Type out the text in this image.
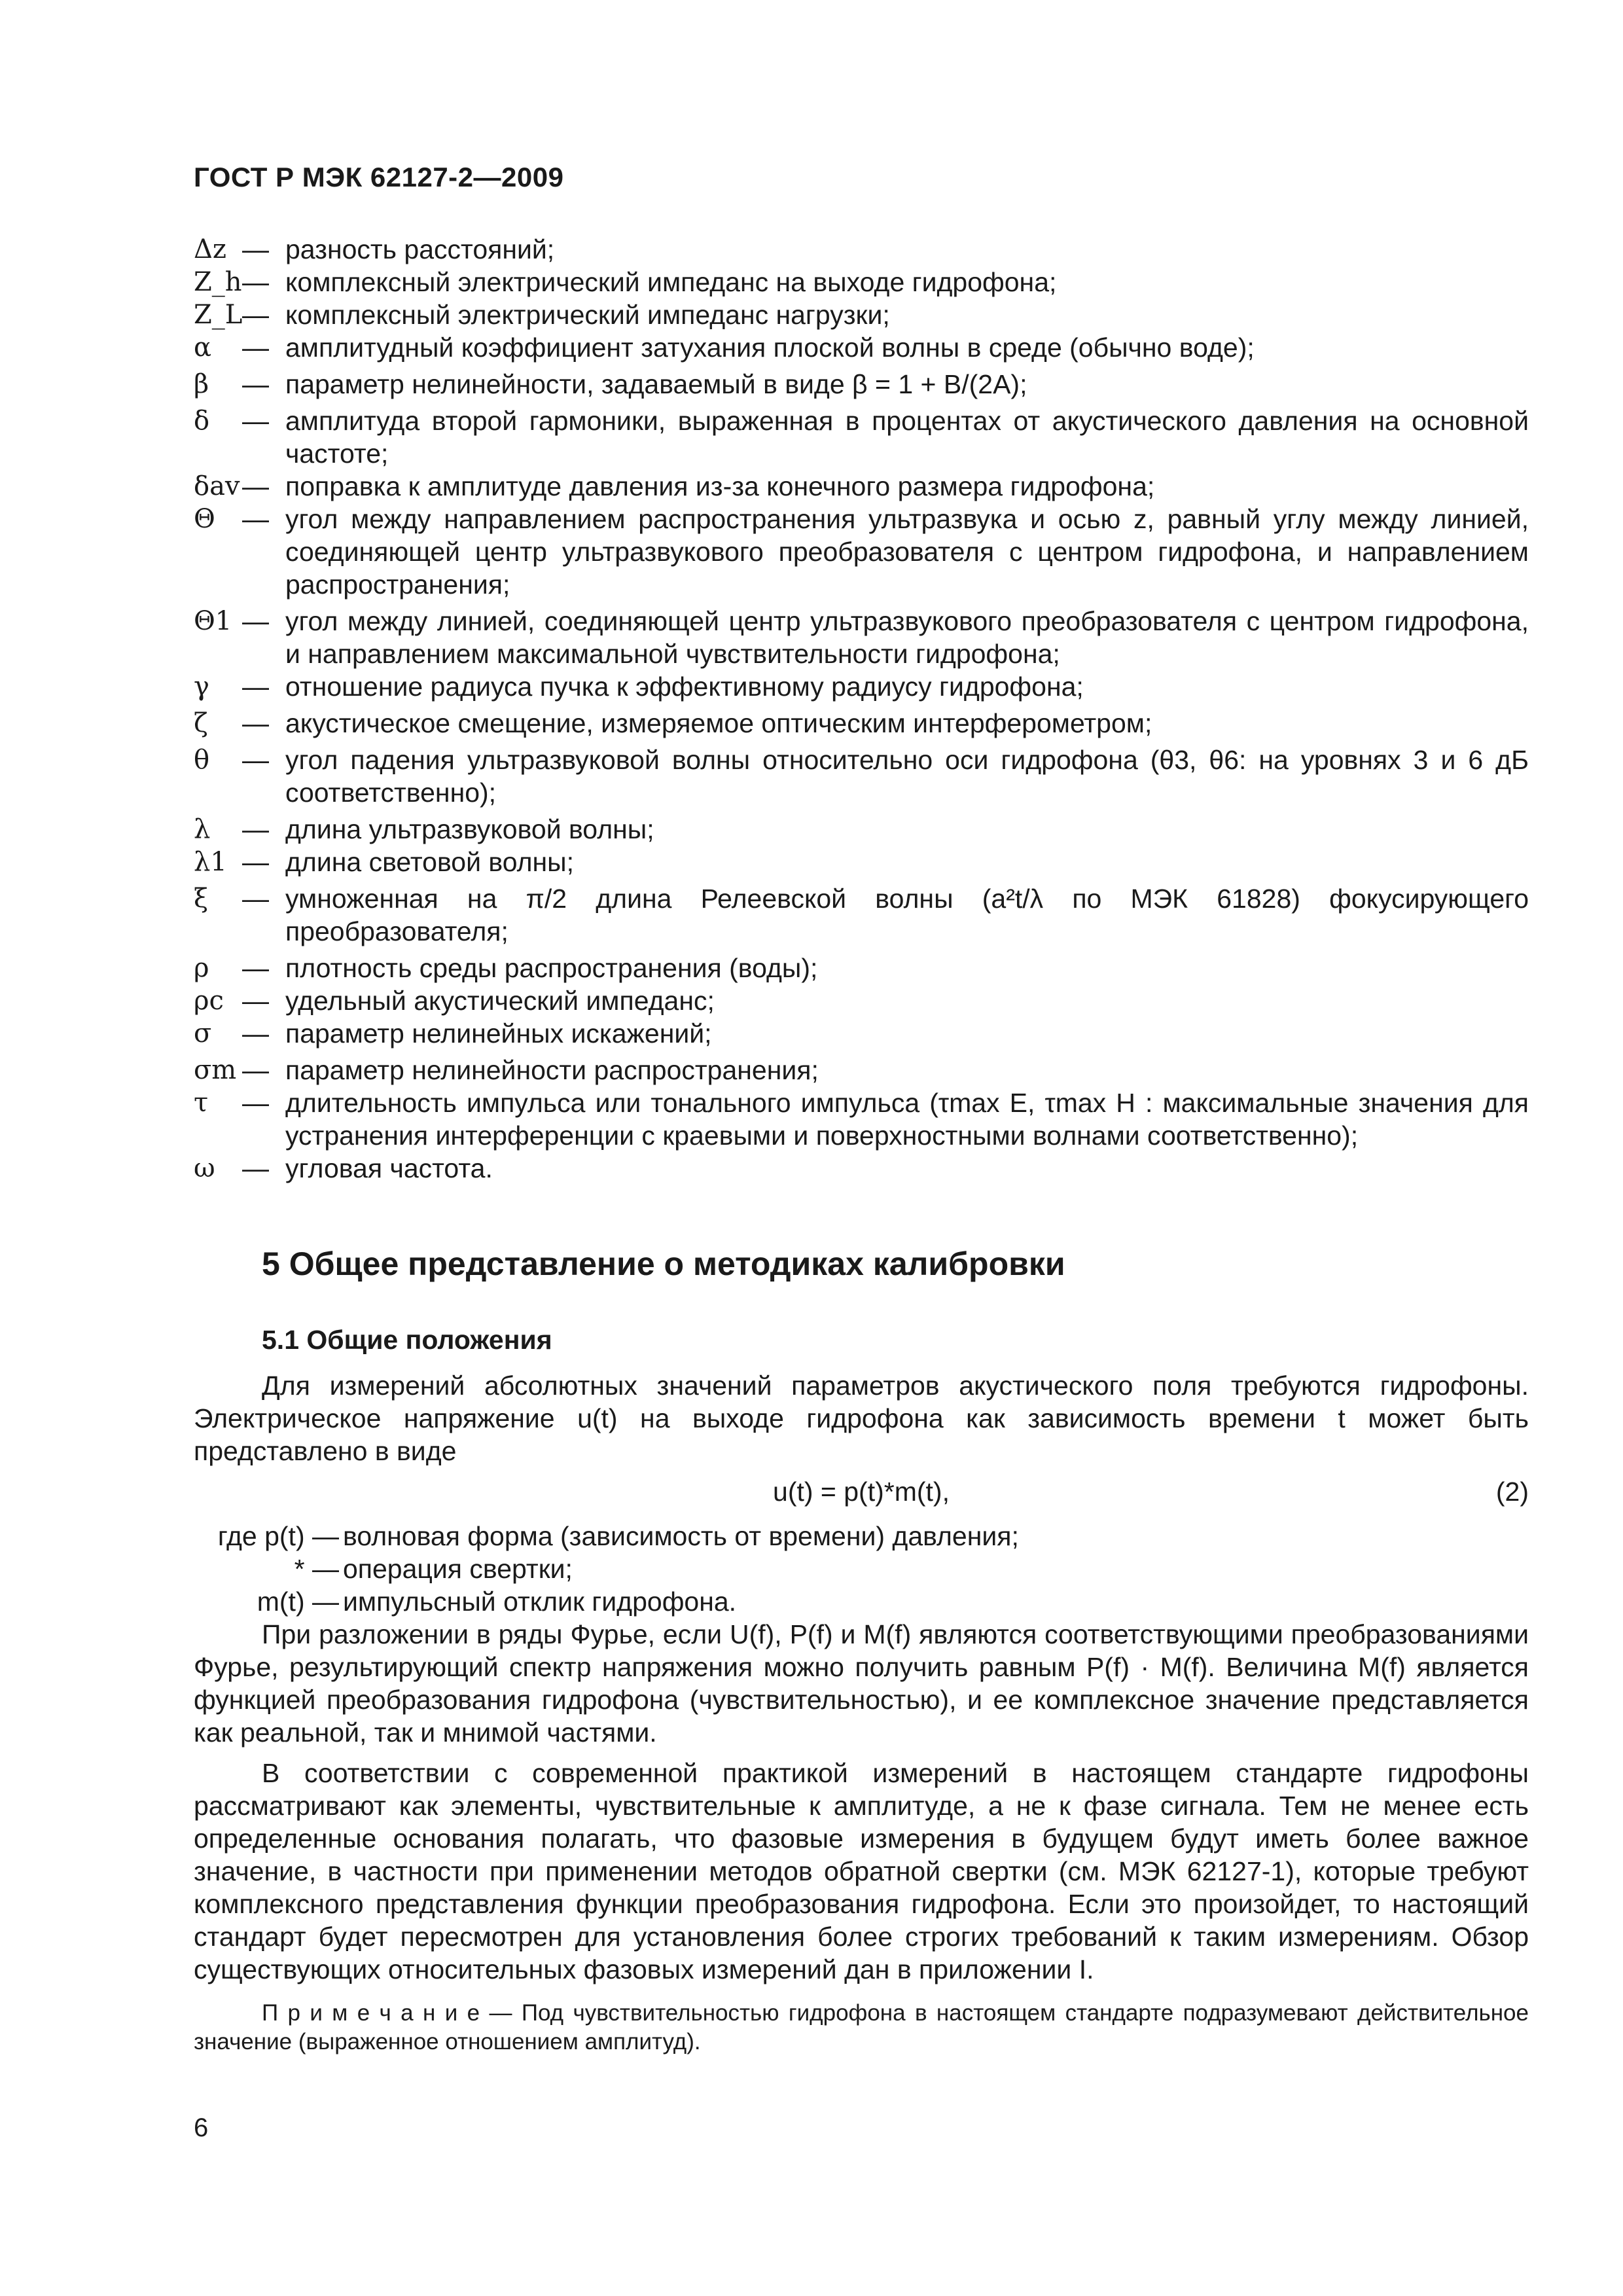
ГОСТ Р МЭК 62127-2—2009
Δz — разность расстояний;
Z_h — комплексный электрический импеданс на выходе гидрофона;
Z_L — комплексный электрический импеданс нагрузки;
α	— амплитудный коэффициент затухания плоской волны в среде (обычно воде);
β	— параметр нелинейности, задаваемый в виде β = 1 + B/(2A);
δ	— амплитуда второй гармоники, выраженная в процентах от акустического давления на основной частоте;
δav — поправка к амплитуде давления из-за конечного размера гидрофона;
Θ	— угол между направлением распространения ультразвука и осью z, равный углу между линией, соединяющей центр ультразвукового преобразователя с центром гидрофона, и направлением распространения;
Θ1 — угол между линией, соединяющей центр ультразвукового преобразователя с центром гидрофона, и направлением максимальной чувствительности гидрофона;
γ	— отношение радиуса пучка к эффективному радиусу гидрофона;
ζ	— акустическое смещение, измеряемое оптическим интерферометром;
θ	— угол падения ультразвуковой волны относительно оси гидрофона (θ3, θ6: на уровнях 3 и 6 дБ соответственно);
λ	— длина ультразвуковой волны;
λ1 — длина световой волны;
ξ	— умноженная на π/2 длина Релеевской волны (a²t/λ по МЭК 61828) фокусирующего преобразователя;
ρ	— плотность среды распространения (воды);
ρc — удельный акустический импеданс;
σ	— параметр нелинейных искажений;
σm — параметр нелинейности распространения;
τ	— длительность импульса или тонального импульса (τmax E, τmax H : максимальные значения для устранения интерференции с краевыми и поверхностными волнами соответственно);
ω	— угловая частота.
5 Общее представление о методиках калибровки
5.1 Общие положения

Для измерений абсолютных значений параметров акустического поля требуются гидрофоны. Электрическое напряжение u(t) на выходе гидрофона как зависимость времени t может быть представлено в виде

u(t) = p(t)*m(t),	(2)
где p(t) — волновая форма (зависимость от времени) давления;
* — операция свертки;
m(t) — импульсный отклик гидрофона.

При разложении в ряды Фурье, если U(f), P(f) и M(f) являются соответствующими преобразованиями Фурье, результирующий спектр напряжения можно получить равным P(f) · M(f). Величина M(f) является функцией преобразования гидрофона (чувствительностью), и ее комплексное значение представляется как реальной, так и мнимой частями.

В соответствии с современной практикой измерений в настоящем стандарте гидрофоны рассматривают как элементы, чувствительные к амплитуде, а не к фазе сигнала. Тем не менее есть определенные основания полагать, что фазовые измерения в будущем будут иметь более важное значение, в частности при применении методов обратной свертки (см. МЭК 62127-1), которые требуют комплексного представления функции преобразования гидрофона. Если это произойдет, то настоящий стандарт будет пересмотрен для установления более строгих требований к таким измерениям. Обзор существующих относительных фазовых измерений дан в приложении I.

П р и м е ч а н и е — Под чувствительностью гидрофона в настоящем стандарте подразумевают действительное значение (выраженное отношением амплитуд).

6
